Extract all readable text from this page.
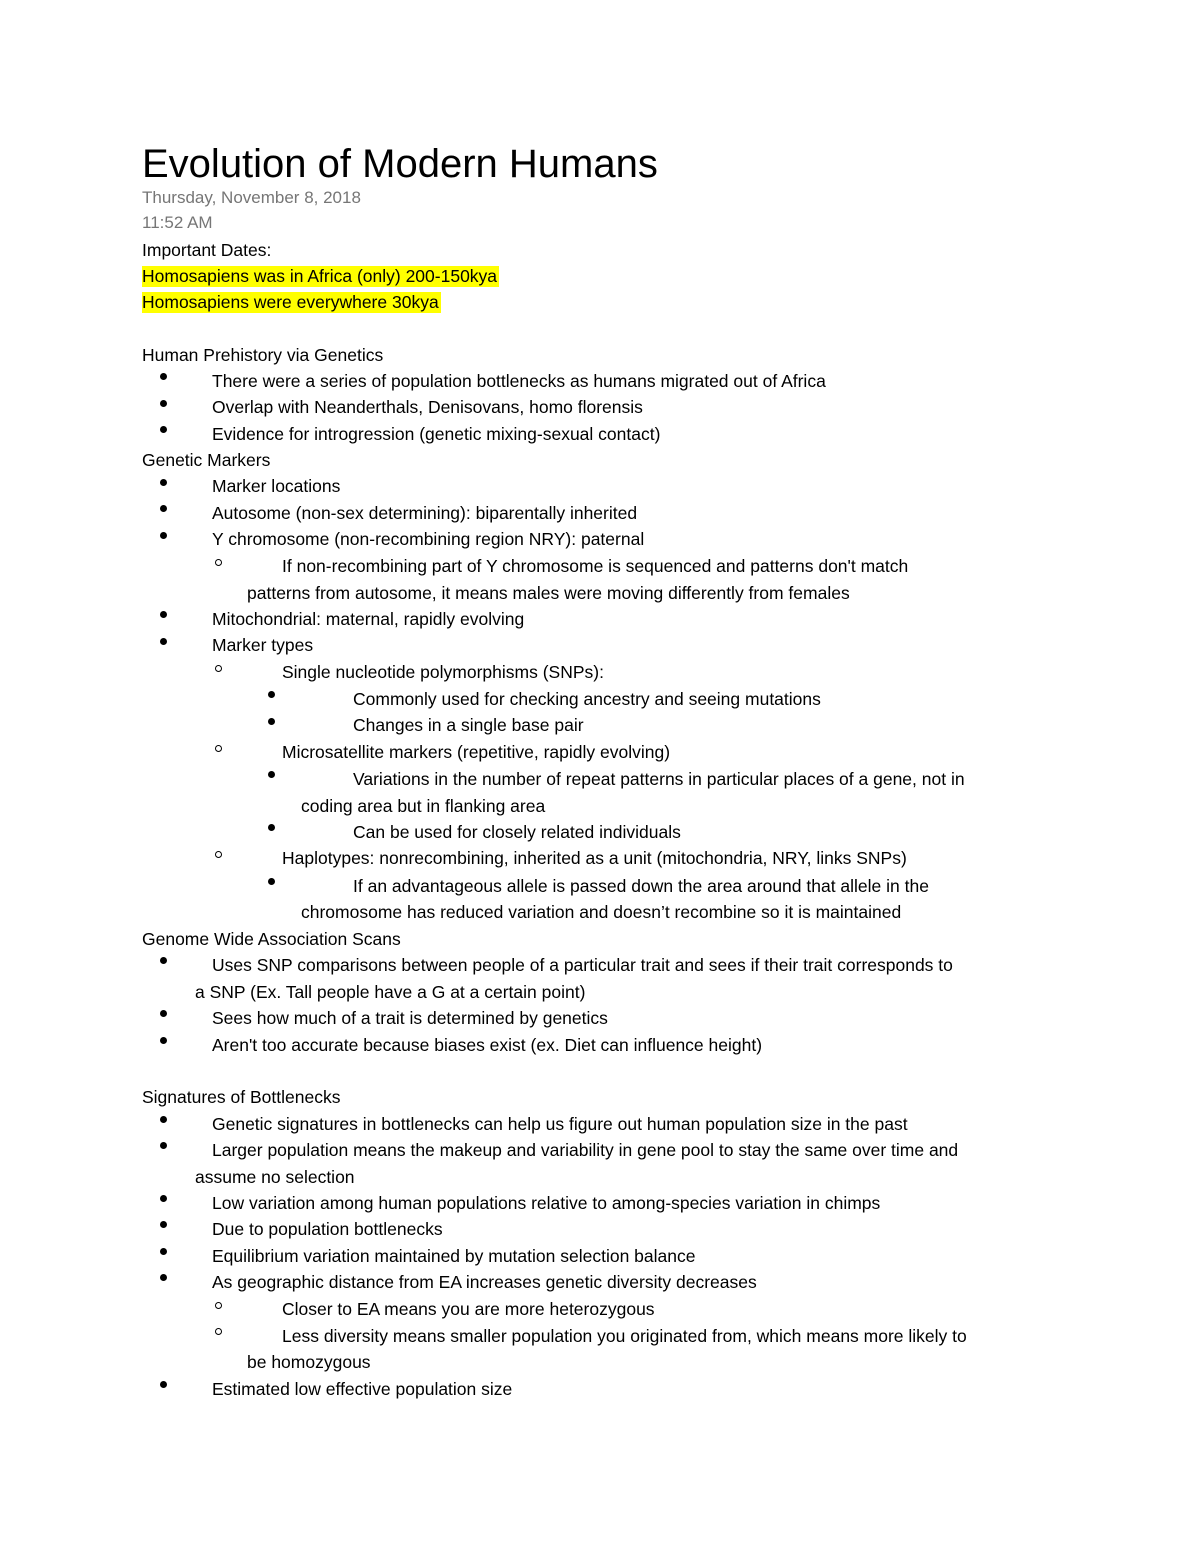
Evolution of Modern Humans
Thursday, November 8, 2018
11:52 AM
Important Dates:
Homosapiens was in Africa (only) 200-150kya
Homosapiens were everywhere 30kya
Human Prehistory via Genetics
There were a series of population bottlenecks as humans migrated out of Africa
Overlap with Neanderthals, Denisovans, homo florensis
Evidence for introgression (genetic mixing-sexual contact)
Genetic Markers
Marker locations
Autosome (non-sex determining): biparentally inherited
Y chromosome (non-recombining region NRY): paternal
If non-recombining part of Y chromosome is sequenced and patterns don't match
patterns from autosome, it means males were moving differently from females
Mitochondrial: maternal, rapidly evolving
Marker types
Single nucleotide polymorphisms (SNPs):
Commonly used for checking ancestry and seeing mutations
Changes in a single base pair
Microsatellite markers (repetitive, rapidly evolving)
Variations in the number of repeat patterns in particular places of a gene, not in
coding area but in flanking area
Can be used for closely related individuals
Haplotypes: nonrecombining, inherited as a unit (mitochondria, NRY, links SNPs)
If an advantageous allele is passed down the area around that allele in the
chromosome has reduced variation and doesn’t recombine so it is maintained
Genome Wide Association Scans
Uses SNP comparisons between people of a particular trait and sees if their trait corresponds to
a SNP (Ex. Tall people have a G at a certain point)
Sees how much of a trait is determined by genetics
Aren't too accurate because biases exist (ex. Diet can influence height)
Signatures of Bottlenecks
Genetic signatures in bottlenecks can help us figure out human population size in the past
Larger population means the makeup and variability in gene pool to stay the same over time and
assume no selection
Low variation among human populations relative to among-species variation in chimps
Due to population bottlenecks
Equilibrium variation maintained by mutation selection balance
As geographic distance from EA increases genetic diversity decreases
Closer to EA means you are more heterozygous
Less diversity means smaller population you originated from, which means more likely to
be homozygous
Estimated low effective population size
